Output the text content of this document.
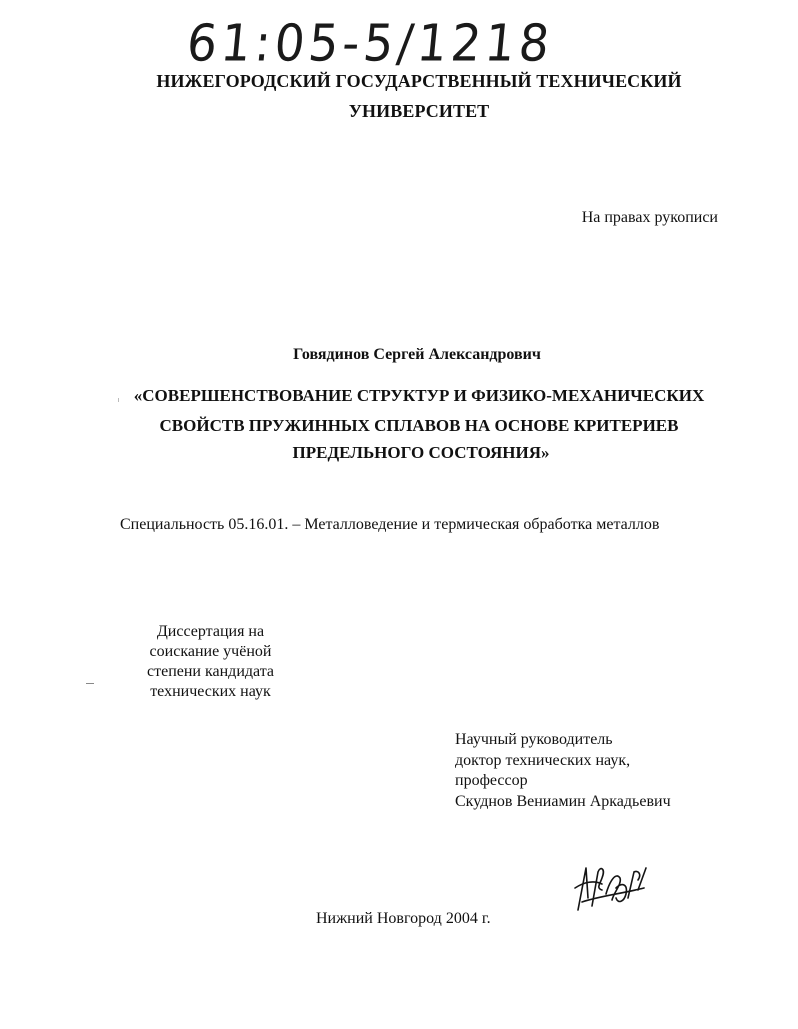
61:05-5/1218
НИЖЕГОРОДСКИЙ ГОСУДАРСТВЕННЫЙ ТЕХНИЧЕСКИЙ
УНИВЕРСИТЕТ
На правах рукописи
Говядинов Сергей Александрович
«СОВЕРШЕНСТВОВАНИЕ СТРУКТУР И ФИЗИКО-МЕХАНИЧЕСКИХ
СВОЙСТВ ПРУЖИННЫХ СПЛАВОВ НА ОСНОВЕ КРИТЕРИЕВ
ПРЕДЕЛЬНОГО СОСТОЯНИЯ»
Специальность 05.16.01. – Металловедение и термическая обработка металлов
Диссертация на
соискание учёной
степени кандидата
технических наук
Научный руководитель
доктор технических наук,
профессор
Скуднов Вениамин Аркадьевич
Нижний Новгород 2004 г.
